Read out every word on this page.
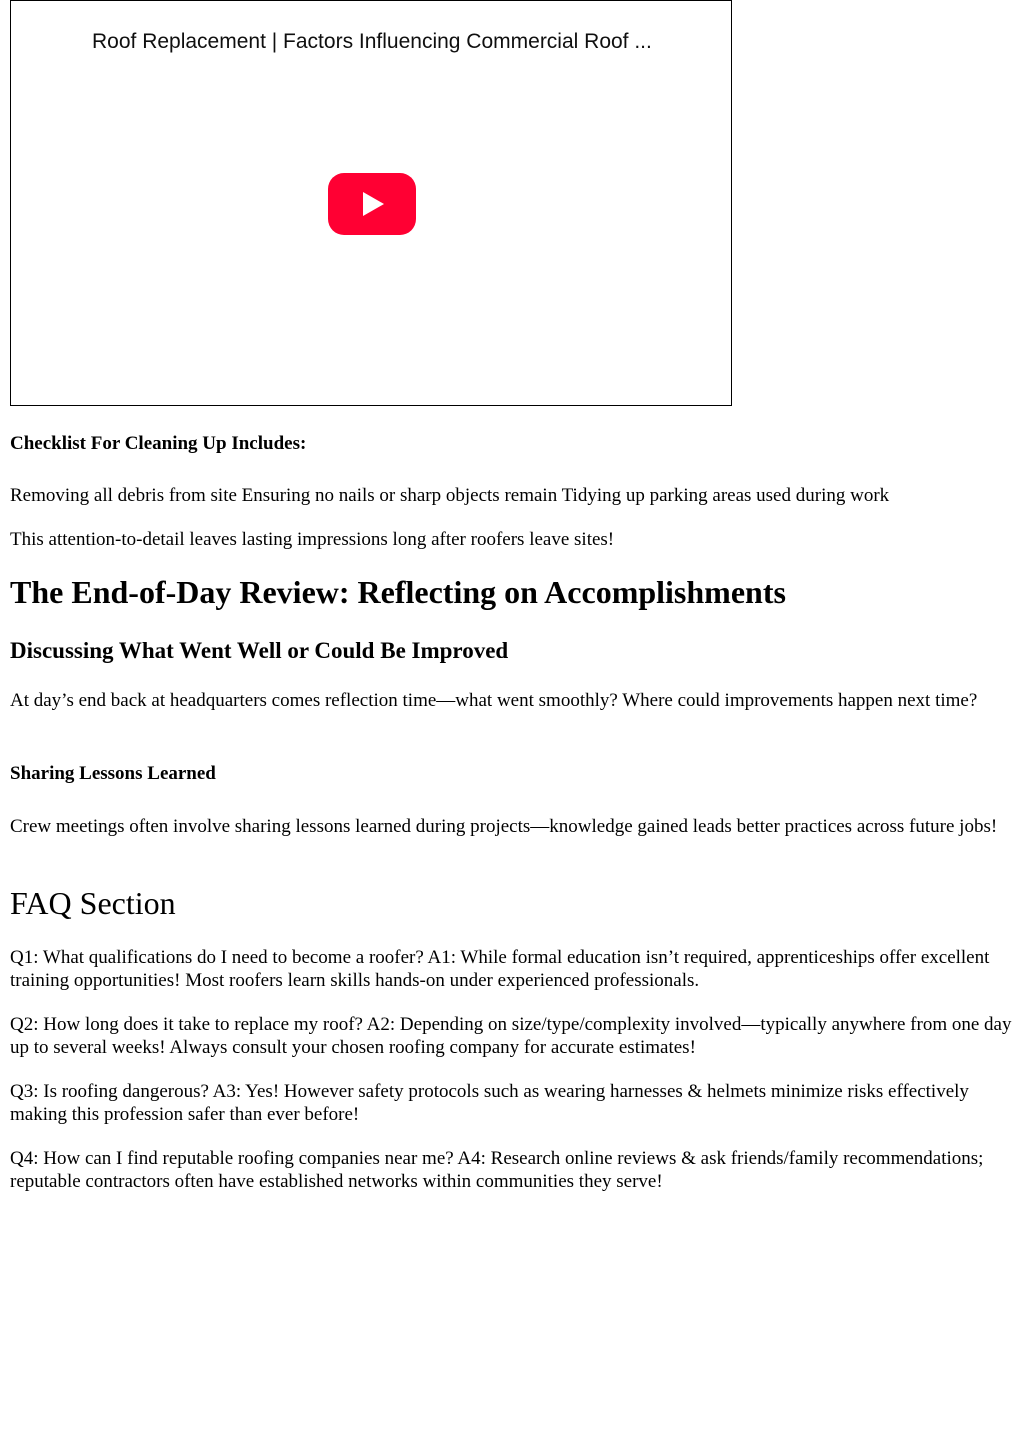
Roof Replacement | Factors Influencing Commercial Roof ...
Checklist For Cleaning Up Includes:
Removing all debris from site Ensuring no nails or sharp objects remain Tidying up parking areas used during work
This attention-to-detail leaves lasting impressions long after roofers leave sites!
The End-of-Day Review: Reflecting on Accomplishments
Discussing What Went Well or Could Be Improved
At day’s end back at headquarters comes reflection time—what went smoothly? Where could improvements happen next time?
Sharing Lessons Learned
Crew meetings often involve sharing lessons learned during projects—knowledge gained leads better practices across future jobs!
FAQ Section
Q1: What qualifications do I need to become a roofer? A1: While formal education isn’t required, apprenticeships offer excellent training opportunities! Most roofers learn skills hands-on under experienced professionals.
Q2: How long does it take to replace my roof? A2: Depending on size/type/complexity involved—typically anywhere from one day up to several weeks! Always consult your chosen roofing company for accurate estimates!
Q3: Is roofing dangerous? A3: Yes! However safety protocols such as wearing harnesses & helmets minimize risks effectively making this profession safer than ever before!
Q4: How can I find reputable roofing companies near me? A4: Research online reviews & ask friends/family recommendations; reputable contractors often have established networks within communities they serve!
